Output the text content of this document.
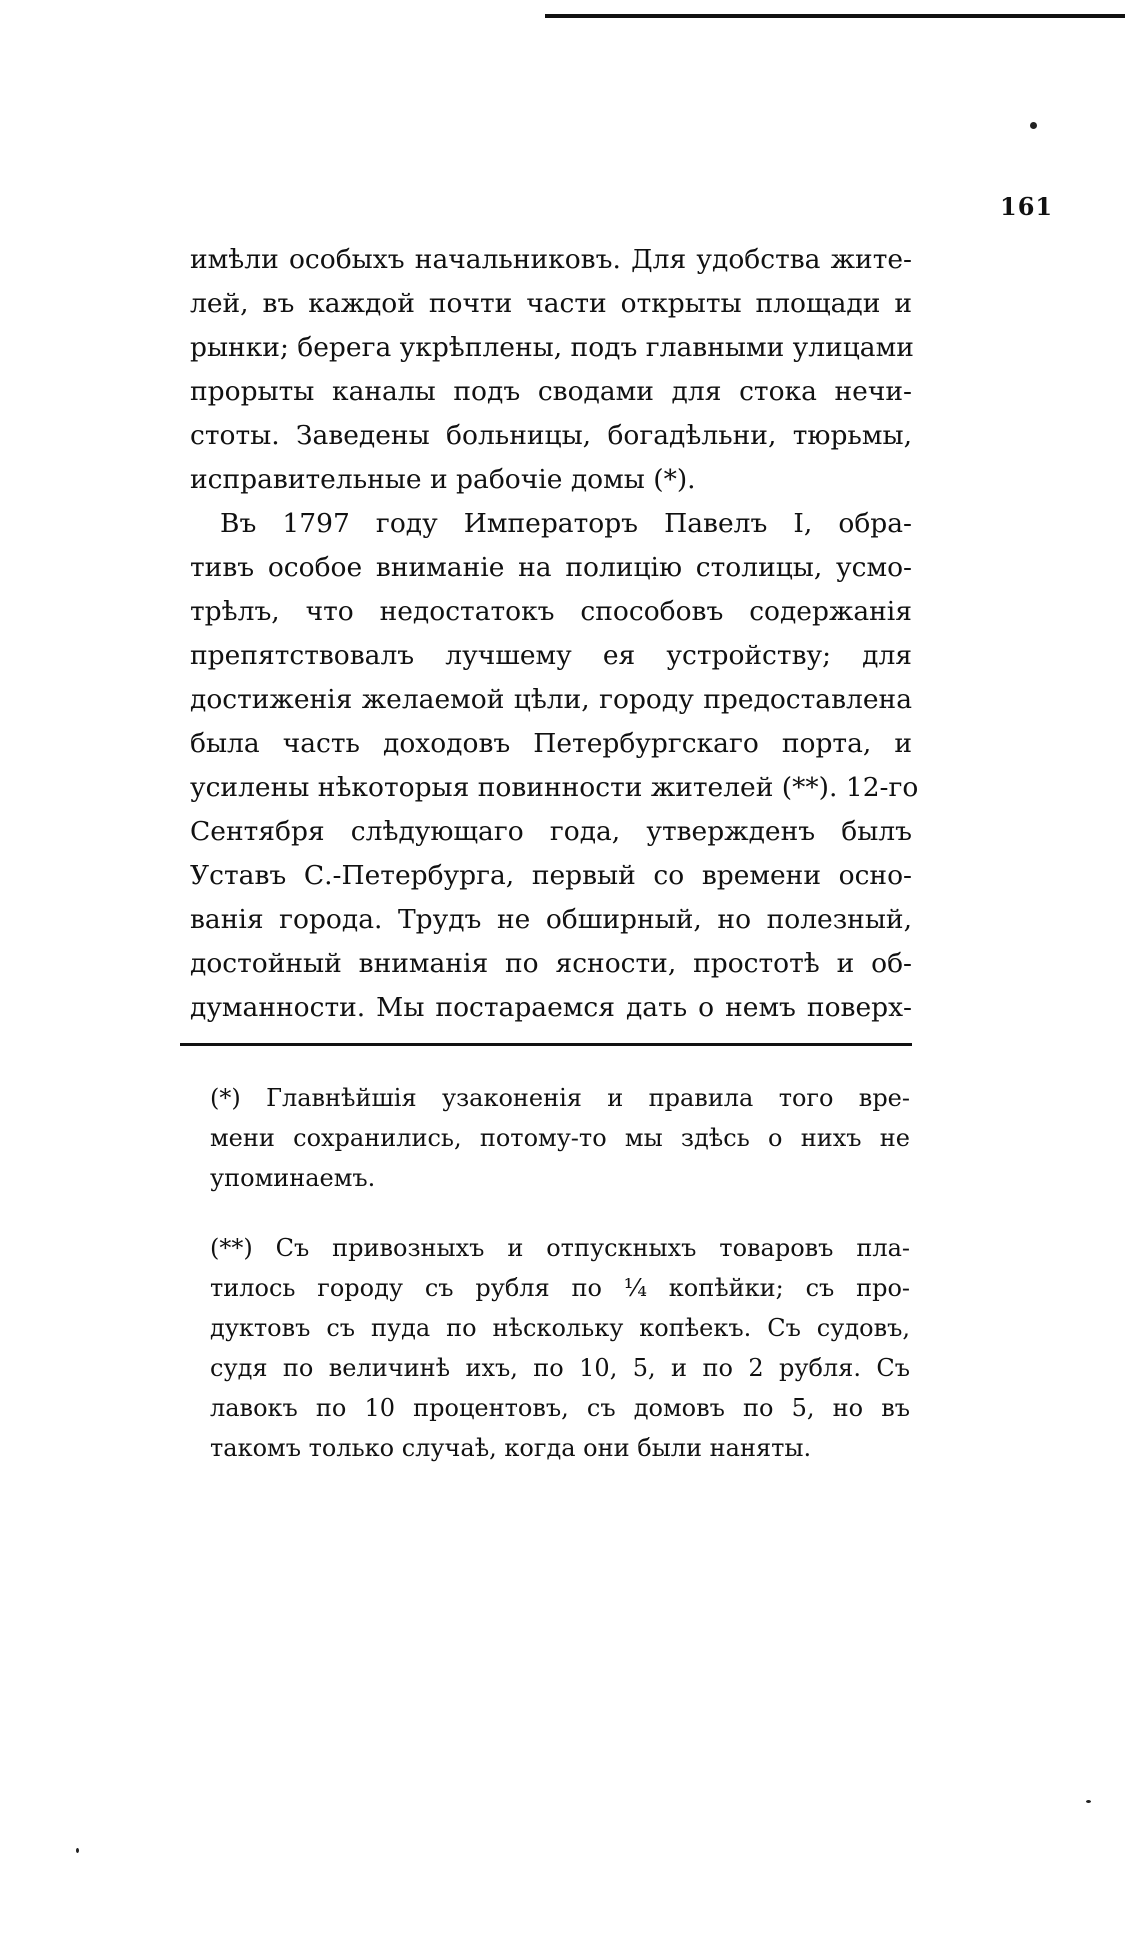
161
имѣли особыхъ начальниковъ. Для удобства жите-
лей, въ каждой почти части открыты площади и
рынки; берега укрѣплены, подъ главными улицами
прорыты каналы подъ сводами для стока нечи-
стоты. Заведены больницы, богадѣльни, тюрьмы,
исправительные и рабочіе домы (*).
Въ 1797 году Императоръ Павелъ I, обра-
тивъ особое вниманіе на полицію столицы, усмо-
трѣлъ, что недостатокъ способовъ содержанія
препятствовалъ лучшему ея устройству; для
достиженія желаемой цѣли, городу предоставлена
была часть доходовъ Петербургскаго порта, и
усилены нѣкоторыя повинности жителей (**). 12-го
Сентября слѣдующаго года, утвержденъ былъ
Уставъ С.-Петербурга, первый со времени осно-
ванія города. Трудъ не обширный, но полезный,
достойный вниманія по ясности, простотѣ и об-
думанности. Мы постараемся дать о немъ поверх-
(*) Главнѣйшія узаконенія и правила того вре-
мени сохранились, потому-то мы здѣсь о нихъ не
упоминаемъ.
(**) Съ привозныхъ и отпускныхъ товаровъ пла-
тилось городу съ рубля по ¼ копѣйки; съ про-
дуктовъ съ пуда по нѣскольку копѣекъ. Съ судовъ,
судя по величинѣ ихъ, по 10, 5, и по 2 рубля. Съ
лавокъ по 10 процентовъ, съ домовъ по 5, но въ
такомъ только случаѣ, когда они были наняты.
